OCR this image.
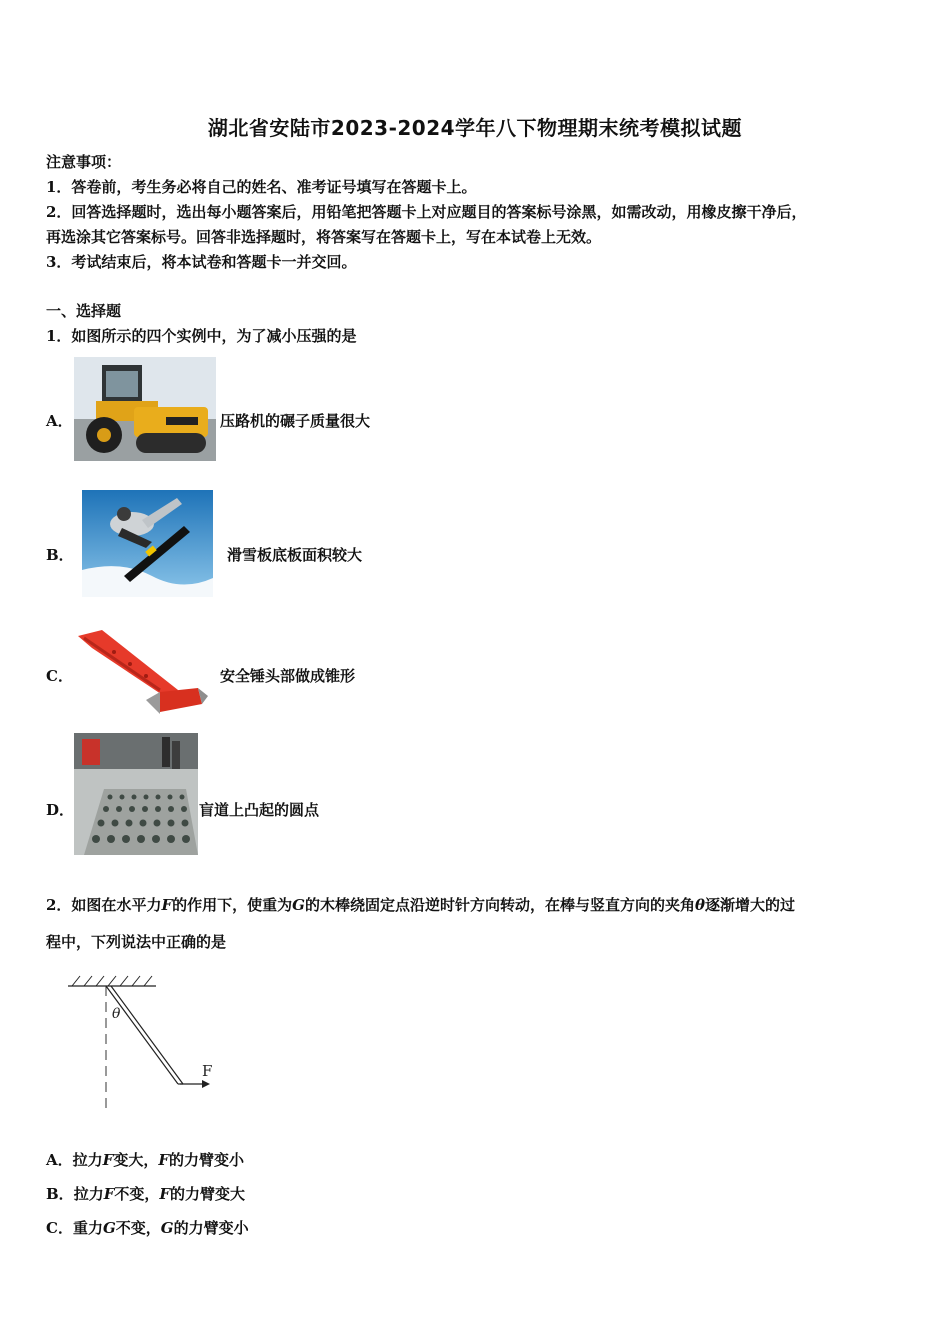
湖北省安陆市2023-2024学年八下物理期末统考模拟试题
注意事项：
1．答卷前，考生务必将自己的姓名、准考证号填写在答题卡上。
2．回答选择题时，选出每小题答案后，用铅笔把答题卡上对应题目的答案标号涂黑，如需改动，用橡皮擦干净后，
再选涂其它答案标号。回答非选择题时，将答案写在答题卡上，写在本试卷上无效。
3．考试结束后，将本试卷和答题卡一并交回。
一、选择题
1．如图所示的四个实例中，为了减小压强的是
A．	压路机的碾子质量很大
B．	滑雪板底板面积较大
C．	安全锤头部做成锥形
D．	盲道上凸起的圆点
2．如图在水平力F的作用下，使重为G的木棒绕固定点沿逆时针方向转动，在棒与竖直方向的夹角θ逐渐增大的过
程中，下列说法中正确的是
θ
F
A．拉力F变大，F的力臂变小
B．拉力F不变，F的力臂变大
C．重力G不变，G的力臂变小
